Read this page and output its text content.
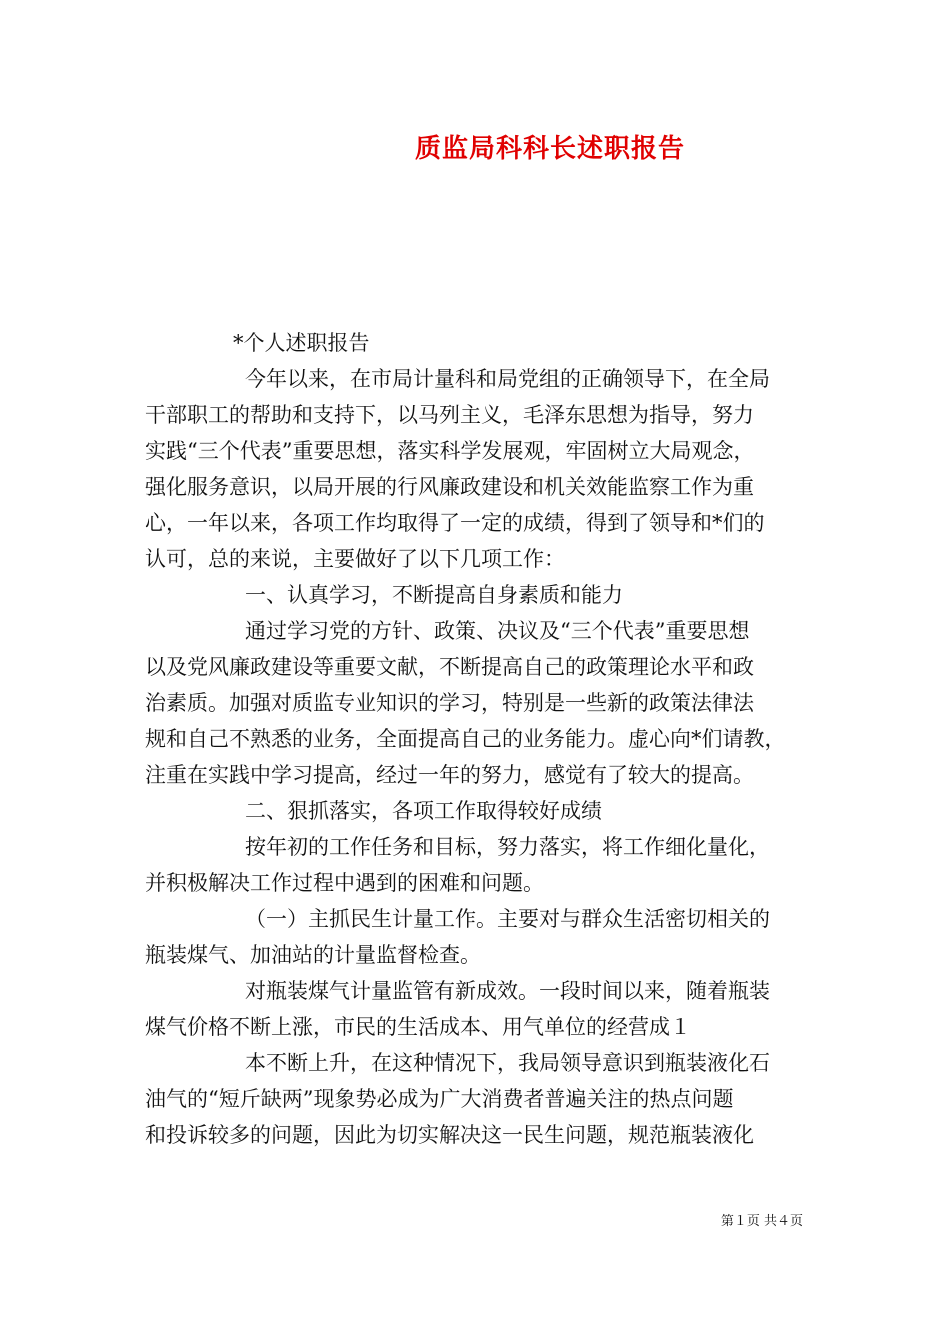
质监局科科长述职报告
*个人述职报告
今年以来，在市局计量科和局党组的正确领导下，在全局
干部职工的帮助和支持下，以马列主义，毛泽东思想为指导，努力
实践“三个代表”重要思想，落实科学发展观，牢固树立大局观念，
强化服务意识，以局开展的行风廉政建设和机关效能监察工作为重
心，一年以来，各项工作均取得了一定的成绩，得到了领导和*们的
认可，总的来说，主要做好了以下几项工作：
一、认真学习，不断提高自身素质和能力
通过学习党的方针、政策、决议及“三个代表”重要思想
以及党风廉政建设等重要文献，不断提高自己的政策理论水平和政
治素质。加强对质监专业知识的学习，特别是一些新的政策法律法
规和自己不熟悉的业务，全面提高自己的业务能力。虚心向*们请教，
注重在实践中学习提高，经过一年的努力，感觉有了较大的提高。
二、狠抓落实，各项工作取得较好成绩
按年初的工作任务和目标，努力落实，将工作细化量化，
并积极解决工作过程中遇到的困难和问题。
（一）主抓民生计量工作。主要对与群众生活密切相关的
瓶装煤气、加油站的计量监督检查。
对瓶装煤气计量监管有新成效。一段时间以来，随着瓶装
煤气价格不断上涨，市民的生活成本、用气单位的经营成１
本不断上升，在这种情况下，我局领导意识到瓶装液化石
油气的“短斤缺两”现象势必成为广大消费者普遍关注的热点问题
和投诉较多的问题，因此为切实解决这一民生问题，规范瓶装液化
第１页 共４页
